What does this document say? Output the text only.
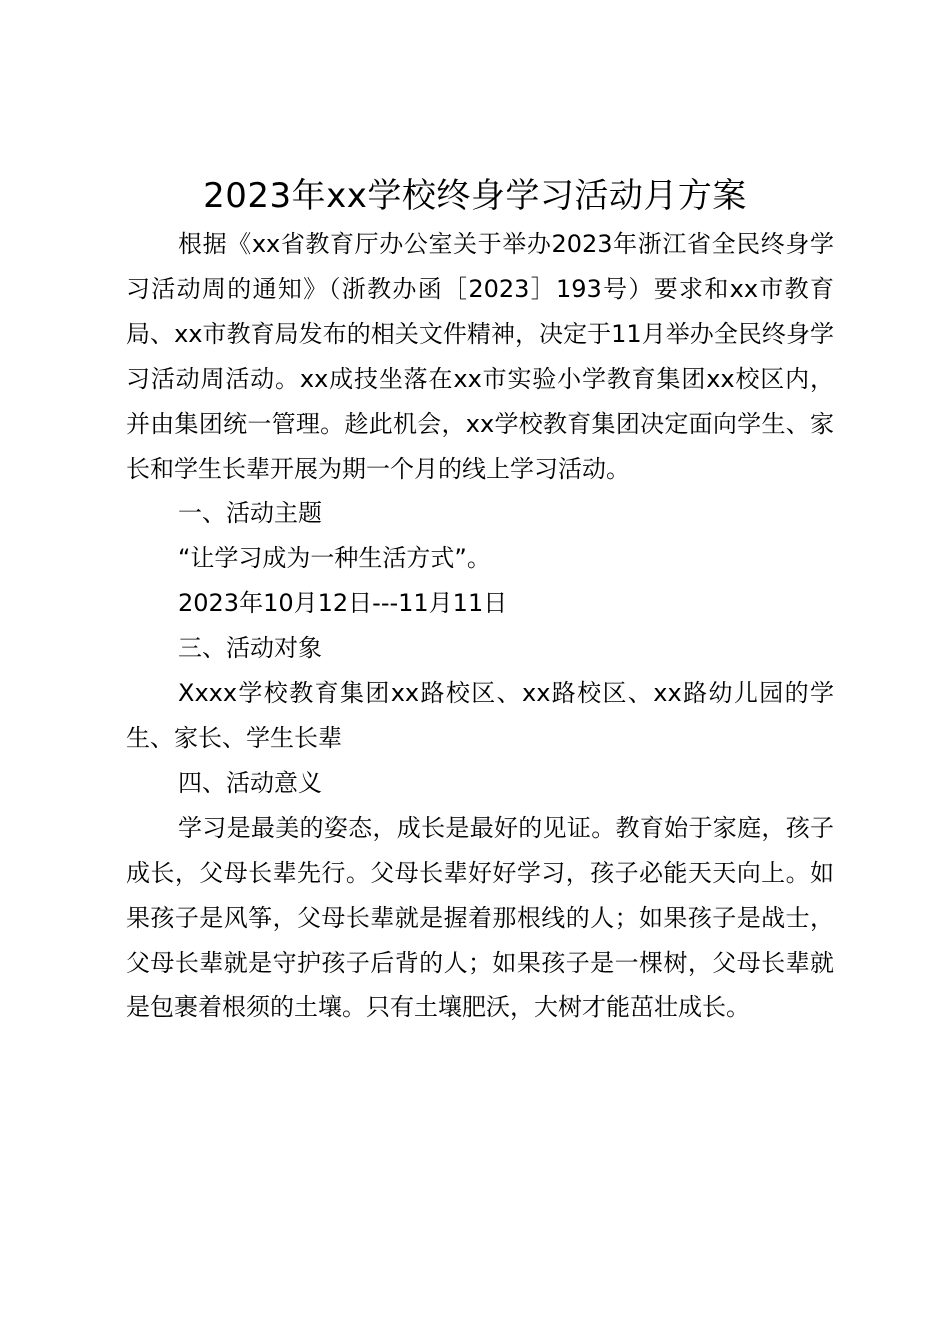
2023年xx学校终身学习活动月方案

根据《xx省教育厅办公室关于举办2023年浙江省全民终身学习活动周的通知》（浙教办函［2023］193号）要求和xx市教育局、xx市教育局发布的相关文件精神，决定于11月举办全民终身学习活动周活动。xx成技坐落在xx市实验小学教育集团xx校区内，并由集团统一管理。趁此机会，xx学校教育集团决定面向学生、家长和学生长辈开展为期一个月的线上学习活动。

一、活动主题

“让学习成为一种生活方式”。

2023年10月12日---11月11日

三、活动对象

Xxxx学校教育集团xx路校区、xx路校区、xx路幼儿园的学生、家长、学生长辈

四、活动意义

学习是最美的姿态，成长是最好的见证。教育始于家庭，孩子成长，父母长辈先行。父母长辈好好学习，孩子必能天天向上。如果孩子是风筝，父母长辈就是握着那根线的人；如果孩子是战士，父母长辈就是守护孩子后背的人；如果孩子是一棵树，父母长辈就是包裹着根须的土壤。只有土壤肥沃，大树才能茁壮成长。
